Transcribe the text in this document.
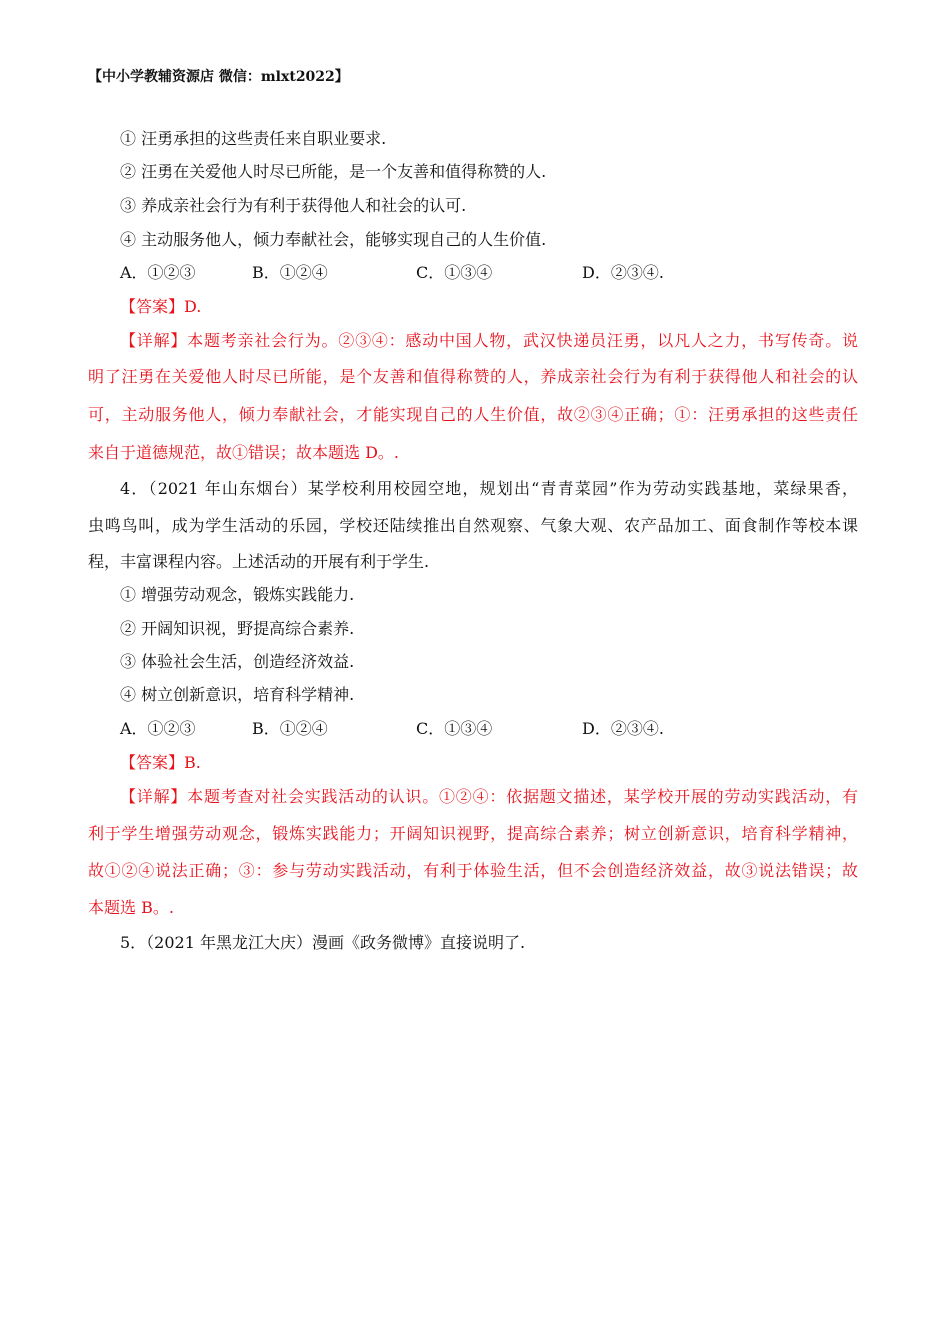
【中小学教辅资源店 微信：mlxt2022】
① 汪勇承担的这些责任来自职业要求.
② 汪勇在关爱他人时尽已所能，是一个友善和值得称赞的人.
③ 养成亲社会行为有利于获得他人和社会的认可.
④ 主动服务他人，倾力奉献社会，能够实现自己的人生价值.
A．①②③	B．①②④	C．①③④	D．②③④.
【答案】D.
【详解】本题考亲社会行为。②③④：感动中国人物，武汉快递员汪勇，以凡人之力，书写传奇。说
明了汪勇在关爱他人时尽已所能，是个友善和值得称赞的人，养成亲社会行为有利于获得他人和社会的认
可，主动服务他人，倾力奉献社会，才能实现自己的人生价值，故②③④正确；①：汪勇承担的这些责任
来自于道德规范，故①错误；故本题选 D。.
4．（2021 年山东烟台）某学校利用校园空地，规划出“青青菜园”作为劳动实践基地，菜绿果香，
虫鸣鸟叫，成为学生活动的乐园，学校还陆续推出自然观察、气象大观、农产品加工、面食制作等校本课
程，丰富课程内容。上述活动的开展有利于学生.
① 增强劳动观念，锻炼实践能力.
② 开阔知识视，野提高综合素养.
③ 体验社会生活，创造经济效益.
④ 树立创新意识，培育科学精神.
A．①②③	B．①②④	C．①③④	D．②③④.
【答案】B.
【详解】本题考查对社会实践活动的认识。①②④：依据题文描述，某学校开展的劳动实践活动，有
利于学生增强劳动观念，锻炼实践能力；开阔知识视野，提高综合素养；树立创新意识，培育科学精神，
故①②④说法正确；③：参与劳动实践活动，有利于体验生活，但不会创造经济效益，故③说法错误；故
本题选 B。.
5．（2021 年黑龙江大庆）漫画《政务微博》直接说明了.
